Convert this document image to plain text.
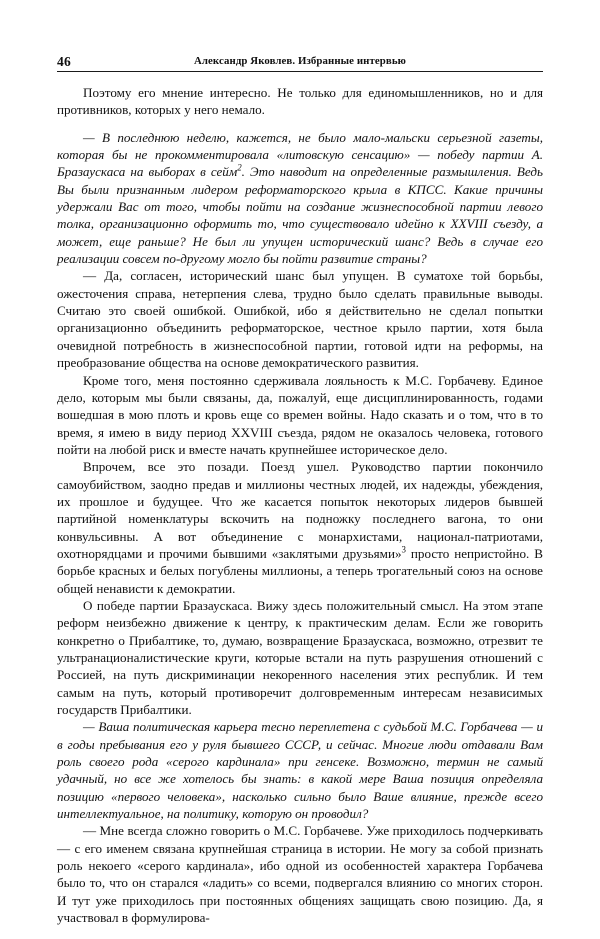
46	Александр Яковлев. Избранные интервью

Поэтому его мнение интересно. Не только для единомышленников, но и для противников, которых у него немало.

— В последнюю неделю, кажется, не было мало-мальски серьезной газеты, которая бы не прокомментировала «литовскую сенсацию» — победу партии А. Бразаускаса на выборах в сейм$^2$. Это наводит на определенные размышления. Ведь Вы были признанным лидером реформаторского крыла в КПСС. Какие причины удержали Вас от того, чтобы пойти на создание жизнеспособной партии левого толка, организационно оформить то, что существовало идейно к XXVIII съезду, а может, еще раньше? Не был ли упущен исторический шанс? Ведь в случае его реализации совсем по-другому могло бы пойти развитие страны?

— Да, согласен, исторический шанс был упущен. В суматохе той борьбы, ожесточения справа, нетерпения слева, трудно было сделать правильные выводы. Считаю это своей ошибкой. Ошибкой, ибо я действительно не сделал попытки организационно объединить реформаторское, честное крыло партии, хотя была очевидной потребность в жизнеспособной партии, готовой идти на реформы, на преобразование общества на основе демократического развития.

Кроме того, меня постоянно сдерживала лояльность к М.С. Горбачеву. Единое дело, которым мы были связаны, да, пожалуй, еще дисциплинированность, годами вошедшая в мою плоть и кровь еще со времен войны. Надо сказать и о том, что в то время, я имею в виду период XXVIII съезда, рядом не оказалось человека, готового пойти на любой риск и вместе начать крупнейшее историческое дело.

Впрочем, все это позади. Поезд ушел. Руководство партии покончило самоубийством, заодно предав и миллионы честных людей, их надежды, убеждения, их прошлое и будущее. Что же касается попыток некоторых лидеров бывшей партийной номенклатуры вскочить на подножку последнего вагона, то они конвульсивны. А вот объединение с монархистами, национал-патриотами, охотнорядцами и прочими бывшими «заклятыми друзьями»$^3$ просто непристойно. В борьбе красных и белых погублены миллионы, а теперь трогательный союз на основе общей ненависти к демократии.

О победе партии Бразаускаса. Вижу здесь положительный смысл. На этом этапе реформ неизбежно движение к центру, к практическим делам. Если же говорить конкретно о Прибалтике, то, думаю, возвращение Бразаускаса, возможно, отрезвит те ультранационалистические круги, которые встали на путь разрушения отношений с Россией, на путь дискриминации некоренного населения этих республик. И тем самым на путь, который противоречит долговременным интересам независимых государств Прибалтики.

— Ваша политическая карьера тесно переплетена с судьбой М.С. Горбачева — и в годы пребывания его у руля бывшего СССР, и сейчас. Многие люди отдавали Вам роль своего рода «серого кардинала» при генсеке. Возможно, термин не самый удачный, но все же хотелось бы знать: в какой мере Ваша позиция определяла позицию «первого человека», насколько сильно было Ваше влияние, прежде всего интеллектуальное, на политику, которую он проводил?

— Мне всегда сложно говорить о М.С. Горбачеве. Уже приходилось подчеркивать — с его именем связана крупнейшая страница в истории. Не могу за собой признать роль некоего «серого кардинала», ибо одной из особенностей характера Горбачева было то, что он старался «ладить» со всеми, подвергался влиянию со многих сторон. И тут уже приходилось при постоянных общениях защищать свою позицию. Да, я участвовал в формулирова-
